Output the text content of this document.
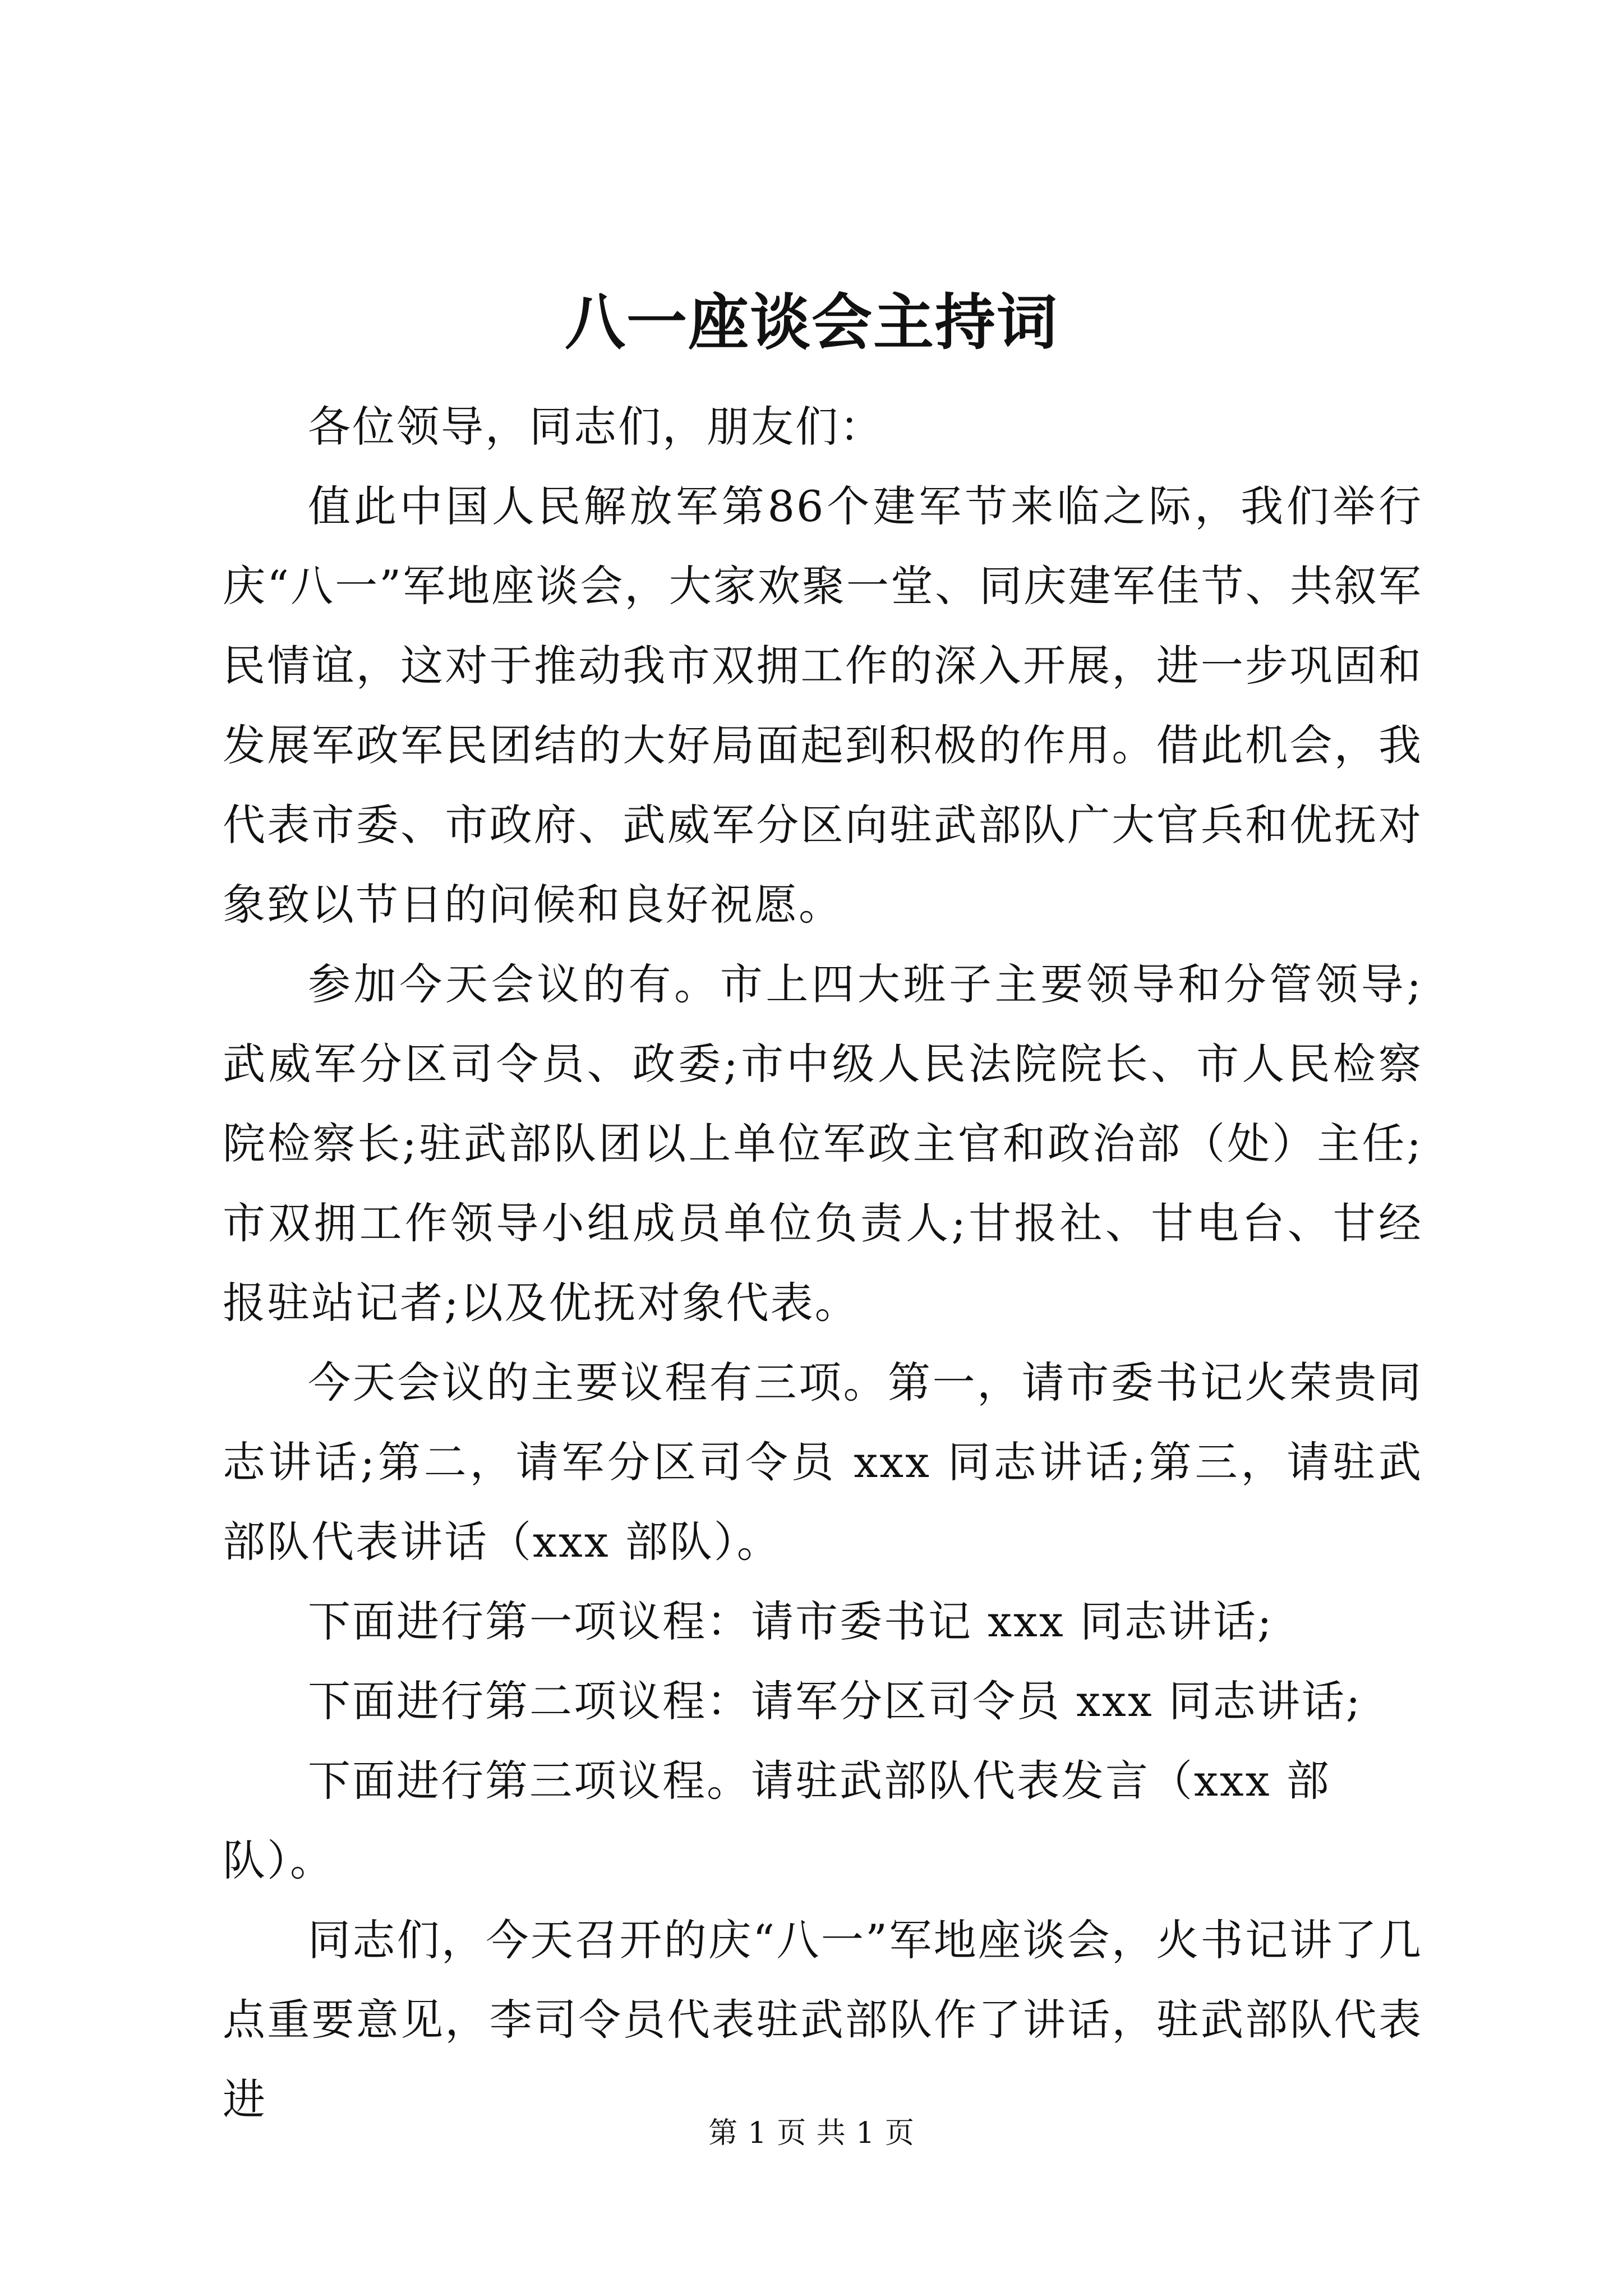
八一座谈会主持词

各位领导，同志们，朋友们：

值此中国人民解放军第86个建军节来临之际，我们举行庆“八一”军地座谈会，大家欢聚一堂、同庆建军佳节、共叙军民情谊，这对于推动我市双拥工作的深入开展，进一步巩固和发展军政军民团结的大好局面起到积极的作用。借此机会，我代表市委、市政府、武威军分区向驻武部队广大官兵和优抚对象致以节日的问候和良好祝愿。

参加今天会议的有。市上四大班子主要领导和分管领导;武威军分区司令员、政委;市中级人民法院院长、市人民检察院检察长;驻武部队团以上单位军政主官和政治部（处）主任;市双拥工作领导小组成员单位负责人;甘报社、甘电台、甘经报驻站记者;以及优抚对象代表。

今天会议的主要议程有三项。第一，请市委书记火荣贵同志讲话;第二，请军分区司令员 xxx 同志讲话;第三，请驻武部队代表讲话（xxx 部队）。

下面进行第一项议程：请市委书记 xxx 同志讲话;

下面进行第二项议程：请军分区司令员 xxx 同志讲话;

下面进行第三项议程。请驻武部队代表发言（xxx 部队）。

同志们，今天召开的庆“八一”军地座谈会，火书记讲了几点重要意见，李司令员代表驻武部队作了讲话，驻武部队代表进

第 1 页 共 1 页
